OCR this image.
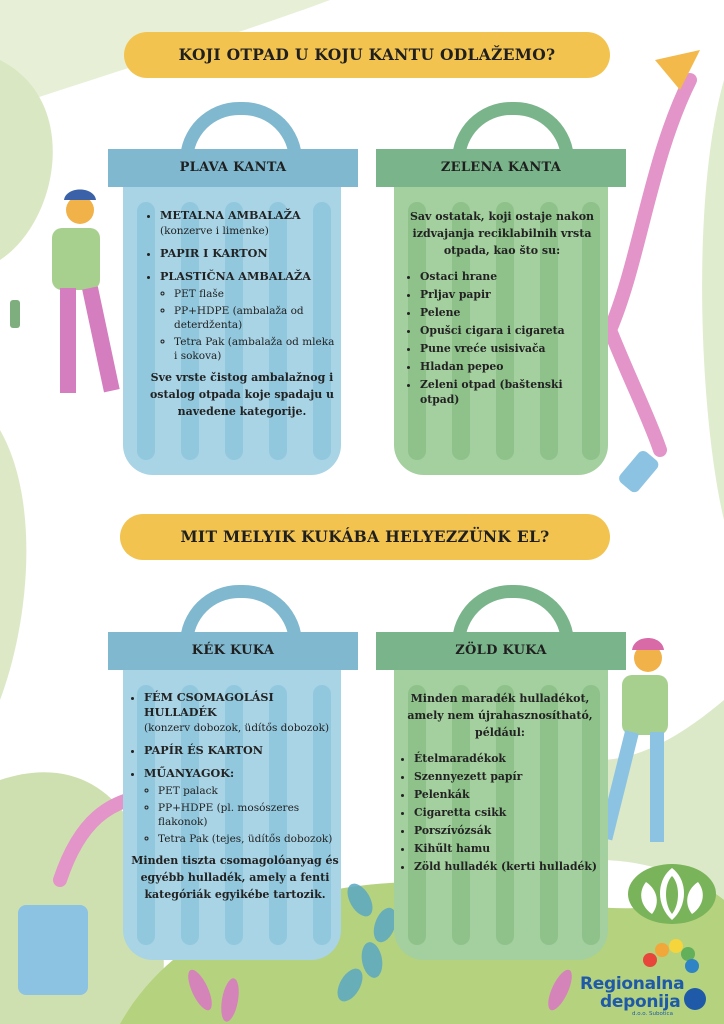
KOJI OTPAD U KOJU KANTU ODLAŽEMO?
PLAVA KANTA
• METALNA AMBALAŽA
(konzerve i limenke)
• PAPIR I KARTON
• PLASTIČNA AMBALAŽA
◦ PET flaše
◦ PP+HDPE (ambalaža od deterdženta)
◦ Tetra Pak (ambalaža od mleka i sokova)
Sve vrste čistog ambalažnog i ostalog otpada koje spadaju u navedene kategorije.
ZELENA KANTA
Sav ostatak, koji ostaje nakon izdvajanja reciklabilnih vrsta otpada, kao što su:
• Ostaci hrane
• Prljav papir
• Pelene
• Opušci cigara i cigareta
• Pune vreće usisivača
• Hladan pepeo
• Zeleni otpad (baštenski otpad)
MIT MELYIK KUKÁBA HELYEZZÜNK EL?
KÉK KUKA
• FÉM CSOMAGOLÁSI HULLADÉK
(konzerv dobozok, üdítős dobozok)
• PAPÍR ÉS KARTON
• MŰANYAGOK:
◦ PET palack
◦ PP+HDPE (pl. mosószeres flakonok)
◦ Tetra Pak (tejes, üdítős dobozok)
Minden tiszta csomagolóanyag és egyébb hulladék, amely a fenti kategóriák egyikébe tartozik.
ZÖLD KUKA
Minden maradék hulladékot, amely nem újrahasznosítható, például:
• Ételmaradékok
• Szennyezett papír
• Pelenkák
• Cigaretta csikk
• Porszívózsák
• Kihűlt hamu
• Zöld hulladék (kerti hulladék)
Regionalna
deponija
d.o.o. Subotica
